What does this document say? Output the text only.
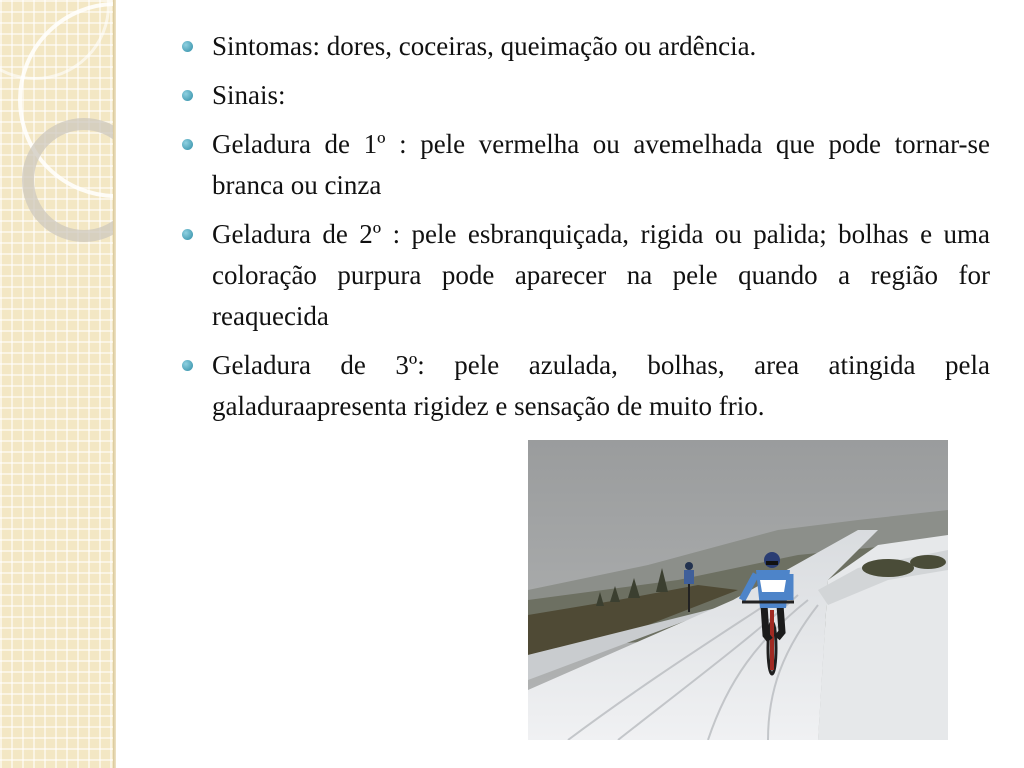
Sintomas: dores, coceiras, queimação ou ardência.
Sinais:
Geladura de 1º : pele vermelha ou avemelhada que pode tornar-se branca ou cinza
Geladura de 2º : pele esbranquiçada, rigida ou palida; bolhas e uma coloração purpura pode aparecer na pele quando a região for reaquecida
Geladura de 3º: pele azulada, bolhas, area atingida pela galaduraapresenta rigidez e sensação de muito frio.
